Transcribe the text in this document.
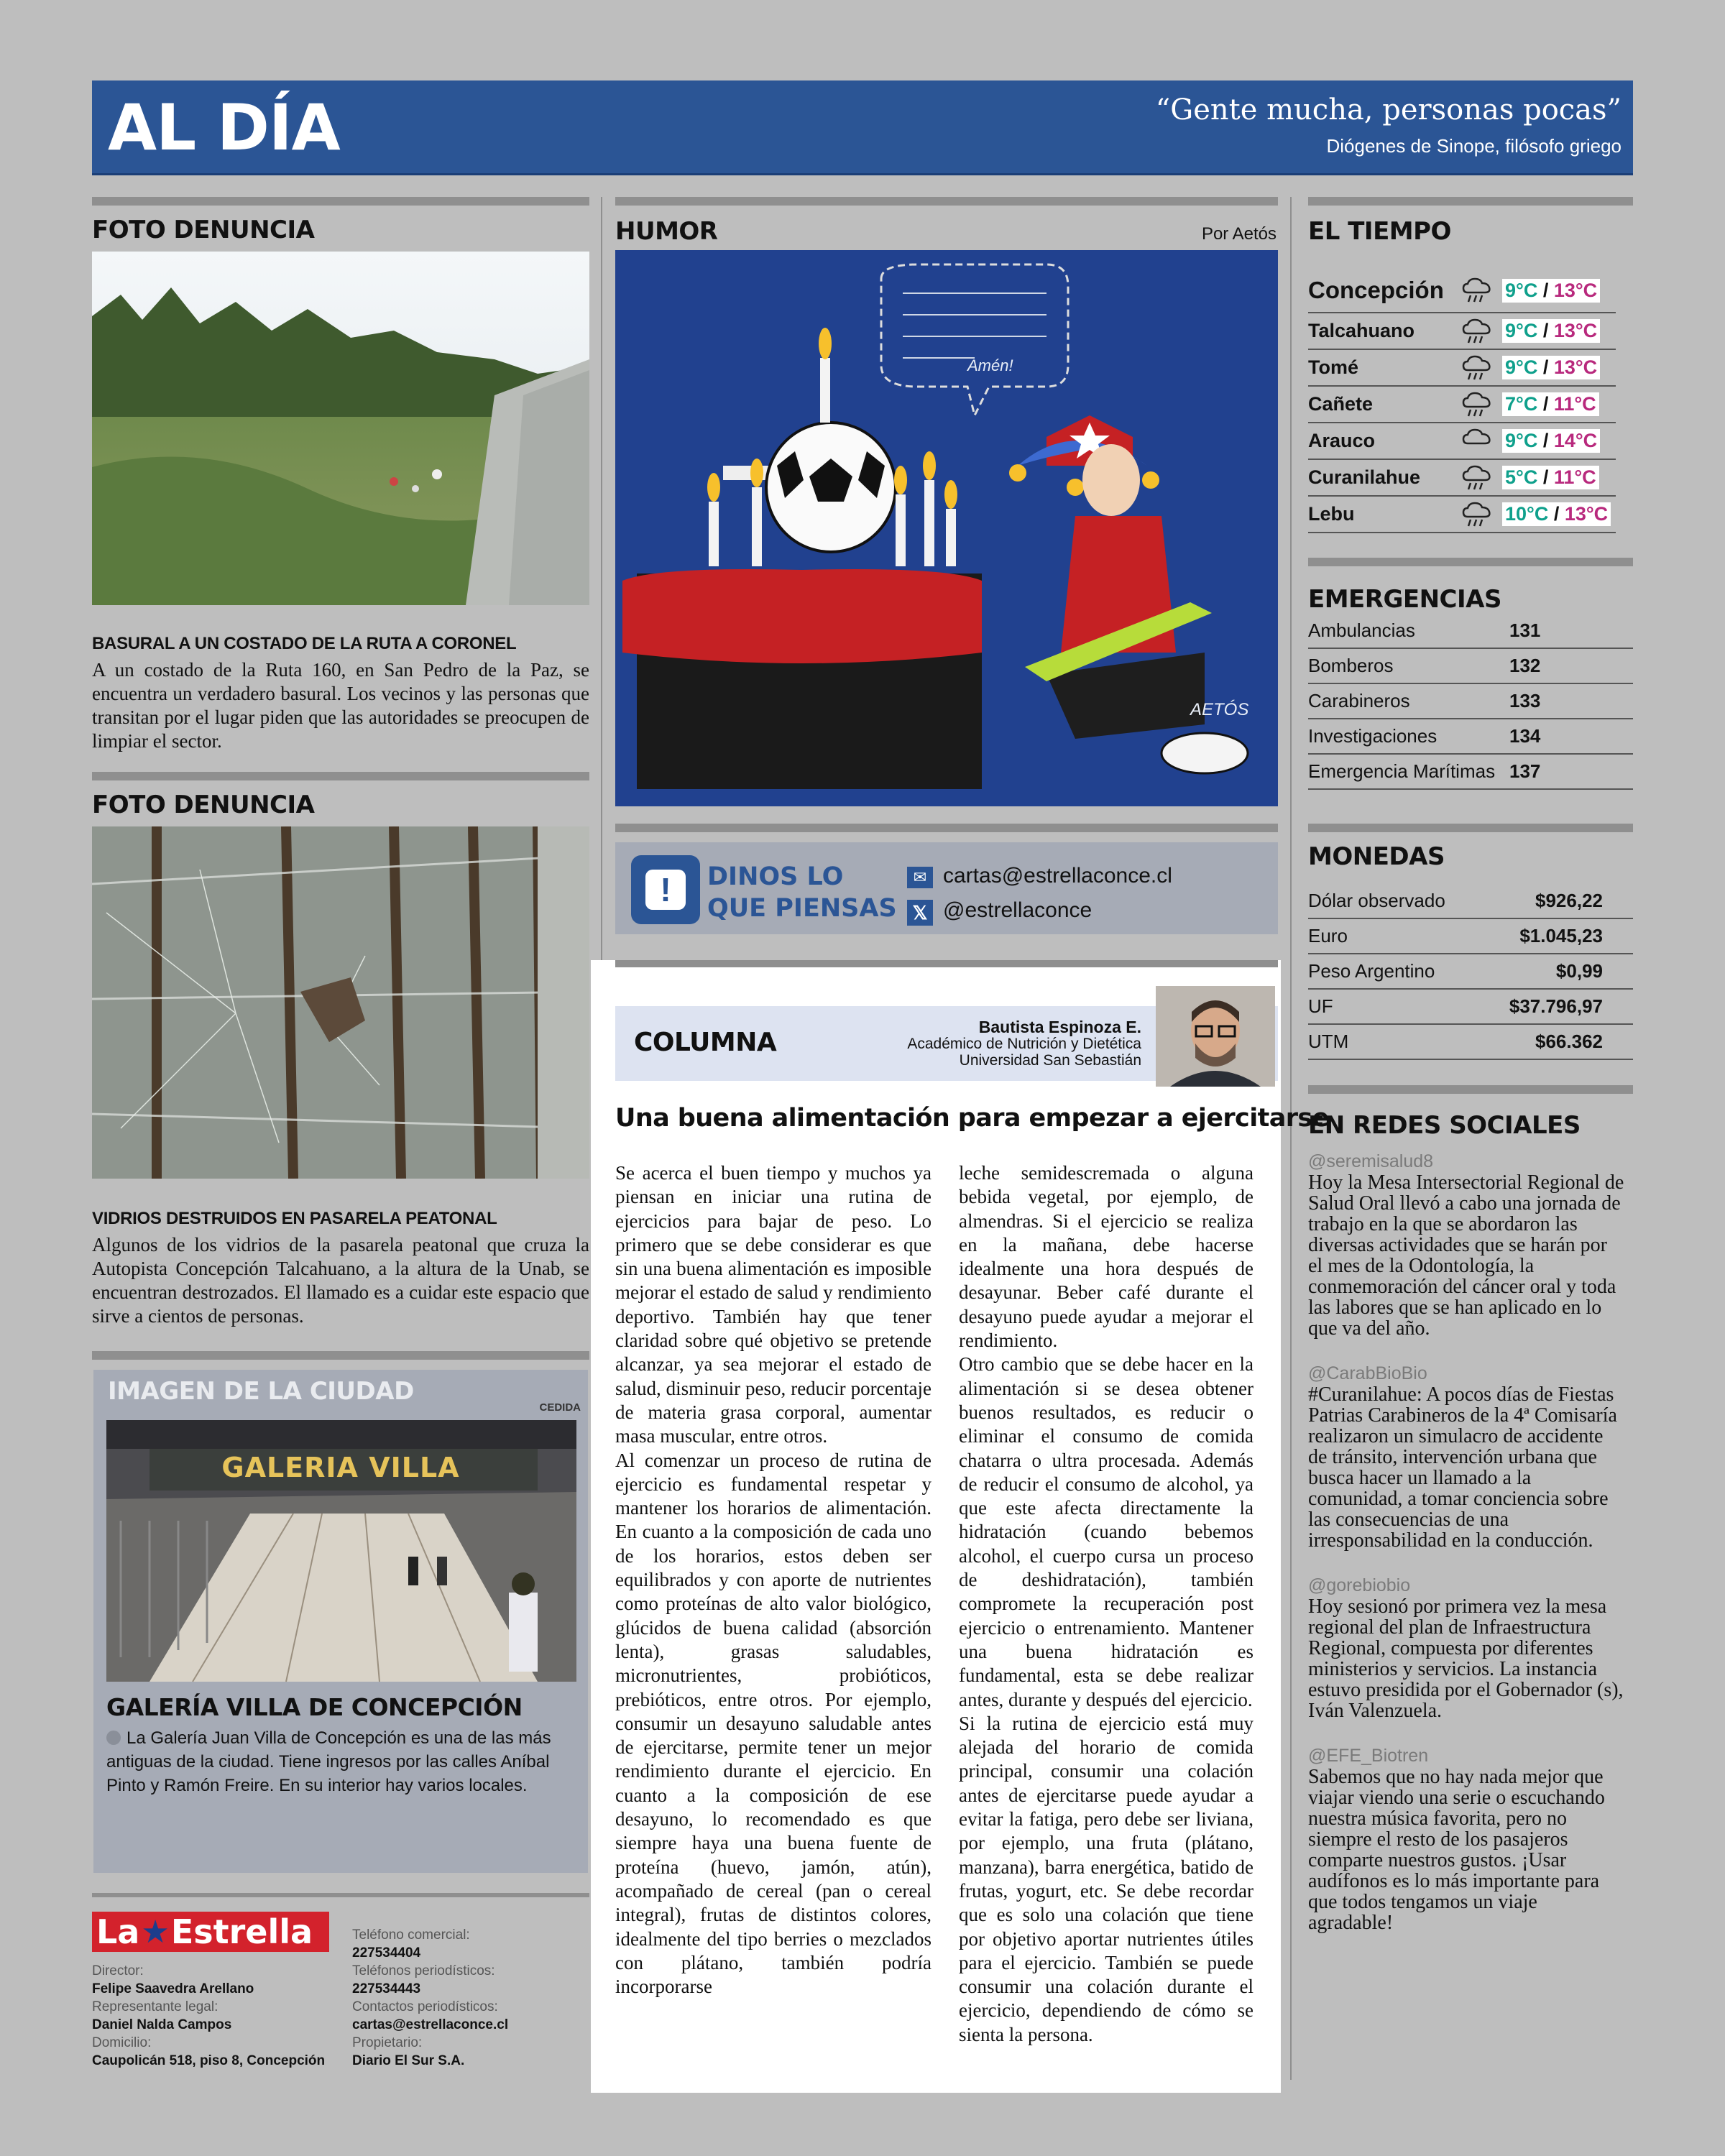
AL DÍA	“Gente mucha, personas pocas”
Diógenes de Sinope, filósofo griego
FOTO DENUNCIA
BASURAL A UN COSTADO DE LA RUTA A CORONEL
A un costado de la Ruta 160, en San Pedro de la Paz, se encuentra un verdadero basural. Los vecinos y las personas que transitan por el lugar piden que las autoridades se preocupen de limpiar el sector.
FOTO DENUNCIA
VIDRIOS DESTRUIDOS EN PASARELA PEATONAL
Algunos de los vidrios de la pasarela peatonal que cruza la Autopista Concepción Talcahuano, a la altura de la Unab, se encuentran destrozados. El llamado es a cuidar este espacio que sirve a cientos de personas.
IMAGEN DE LA CIUDAD
CEDIDA
GALERIA VILLA
GALERÍA VILLA DE CONCEPCIÓN
La Galería Juan Villa de Concepción es una de las más antiguas de la ciudad. Tiene ingresos por las calles Aníbal Pinto y Ramón Freire. En su interior hay varios locales.
La ★ Estrella
Director:
Felipe Saavedra Arellano
Representante legal:
Daniel Nalda Campos
Domicilio:
Caupolicán 518, piso 8, Concepción
Teléfono comercial:
227534404
Teléfonos periodísticos:
227534443
Contactos periodísticos:
cartas@estrellaconce.cl
Propietario:
Diario El Sur S.A.
HUMOR	Por Aetós
Amén!
AETÓS
!	DINOS LO
QUE PIENSAS
✉ cartas@estrellaconce.cl
𝕏 @estrellaconce
COLUMNA
Bautista Espinoza E.
Académico de Nutrición y Dietética
Universidad San Sebastián
Una buena alimentación para empezar a ejercitarse

Se acerca el buen tiempo y muchos ya piensan en iniciar una rutina de ejercicios para bajar de peso. Lo primero que se debe considerar es que sin una buena alimentación es imposible mejorar el estado de salud y rendimiento deportivo. También hay que tener claridad sobre qué objetivo se pretende alcanzar, ya sea mejorar el estado de salud, disminuir peso, reducir porcentaje de materia grasa corporal, aumentar masa muscular, entre otros.

Al comenzar un proceso de rutina de ejercicio es fundamental respetar y mantener los horarios de alimentación. En cuanto a la composición de cada uno de los horarios, estos deben ser equilibrados y con aporte de nutrientes como proteínas de alto valor biológico, glúcidos de buena calidad (absorción lenta), grasas saludables, micronutrientes, probióticos, prebióticos, entre otros. Por ejemplo, consumir un desayuno saludable antes de ejercitarse, permite tener un mejor rendimiento durante el ejercicio. En cuanto a la composición de ese desayuno, lo recomendado es que siempre haya una buena fuente de proteína (huevo, jamón, atún), acompañado de cereal (pan o cereal integral), frutas de distintos colores, idealmente del tipo berries o mezclados con plátano, también podría incorporarse

leche semidescremada o alguna bebida vegetal, por ejemplo, de almendras. Si el ejercicio se realiza en la mañana, debe hacerse idealmente una hora después de desayunar. Beber café durante el desayuno puede ayudar a mejorar el rendimiento.

Otro cambio que se debe hacer en la alimentación si se desea obtener buenos resultados, es reducir o eliminar el consumo de comida chatarra o ultra procesada. Además de reducir el consumo de alcohol, ya que este afecta directamente la hidratación (cuando bebemos alcohol, el cuerpo cursa un proceso de deshidratación), también compromete la recuperación post ejercicio o entrenamiento. Mantener una buena hidratación es fundamental, esta se debe realizar antes, durante y después del ejercicio.

Si la rutina de ejercicio está muy alejada del horario de comida principal, consumir una colación antes de ejercitarse puede ayudar a evitar la fatiga, pero debe ser liviana, por ejemplo, una fruta (plátano, manzana), barra energética, batido de frutas, yogurt, etc. Se debe recordar que es solo una colación que tiene por objetivo aportar nutrientes útiles para el ejercicio. También se puede consumir una colación durante el ejercicio, dependiendo de cómo se sienta la persona.

EL TIEMPO
Concepción	9°C / 13°C
Talcahuano	9°C / 13°C
Tomé	9°C / 13°C
Cañete	7°C / 11°C
Arauco	9°C / 14°C
Curanilahue	5°C / 11°C
Lebu	10°C / 13°C
EMERGENCIAS
Ambulancias	131
Bomberos	132
Carabineros	133
Investigaciones	134
Emergencia Marítimas 137
MONEDAS
Dólar observado	$926,22
Euro	$1.045,23
Peso Argentino	$0,99
UF	$37.796,97
UTM	$66.362
EN REDES SOCIALES
@seremisalud8
Hoy la Mesa Intersectorial Regional de Salud Oral llevó a cabo una jornada de trabajo en la que se abordaron las diversas actividades que se harán por el mes de la Odontología, la conmemoración del cáncer oral y toda las labores que se han aplicado en lo que va del año.
@CarabBioBio
#Curanilahue: A pocos días de Fiestas Patrias Carabineros de la 4ª Comisaría realizaron un simulacro de accidente de tránsito, intervención urbana que busca hacer un llamado a la comunidad, a tomar conciencia sobre las consecuencias de una irresponsabilidad en la conducción.
@gorebiobio
Hoy sesionó por primera vez la mesa regional del plan de Infraestructura Regional, compuesta por diferentes ministerios y servicios. La instancia estuvo presidida por el Gobernador (s), Iván Valenzuela.
@EFE_Biotren
Sabemos que no hay nada mejor que viajar viendo una serie o escuchando nuestra música favorita, pero no siempre el resto de los pasajeros comparte nuestros gustos. ¡Usar audífonos es lo más importante para que todos tengamos un viaje agradable!
